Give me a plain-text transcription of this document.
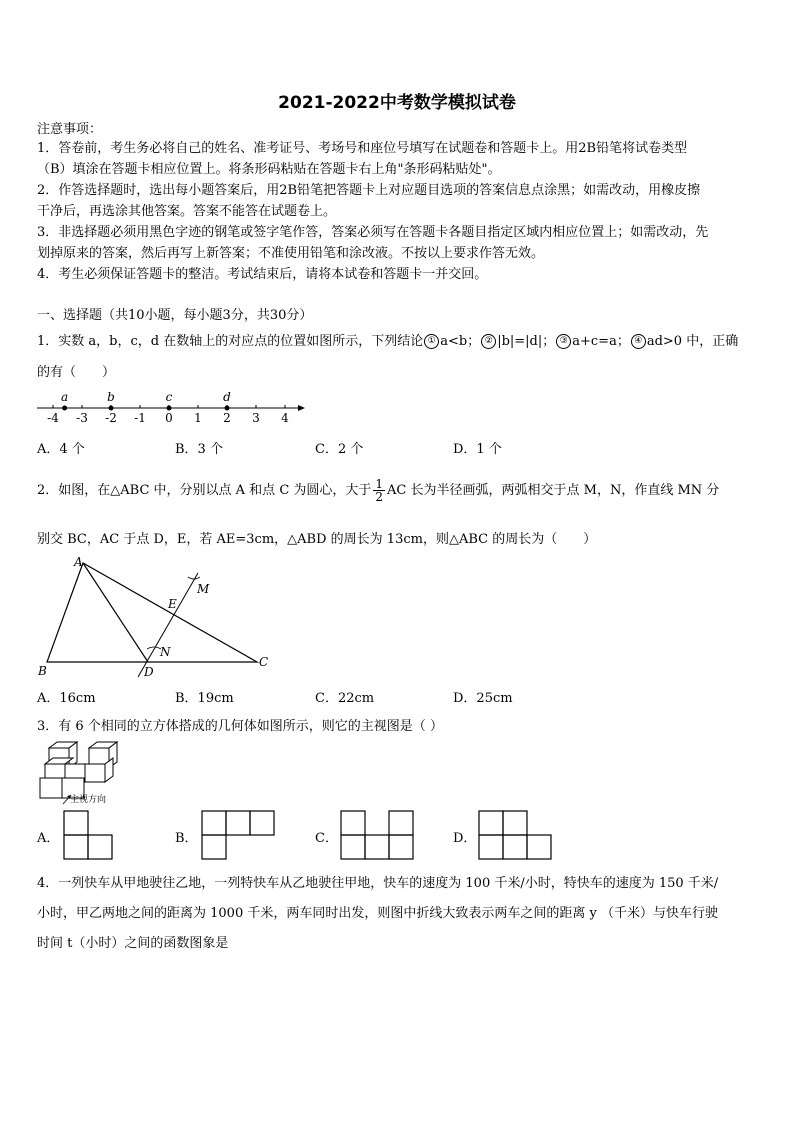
2021-2022中考数学模拟试卷
注意事项：
1．答卷前，考生务必将自己的姓名、准考证号、考场号和座位号填写在试题卷和答题卡上。用2B铅笔将试卷类型
（B）填涂在答题卡相应位置上。将条形码粘贴在答题卡右上角"条形码粘贴处"。
2．作答选择题时，选出每小题答案后，用2B铅笔把答题卡上对应题目选项的答案信息点涂黑；如需改动，用橡皮擦
干净后，再选涂其他答案。答案不能答在试题卷上。
3．非选择题必须用黑色字迹的钢笔或签字笔作答，答案必须写在答题卡各题目指定区域内相应位置上；如需改动，先
划掉原来的答案，然后再写上新答案；不准使用铅笔和涂改液。不按以上要求作答无效。
4．考生必须保证答题卡的整洁。考试结束后，请将本试卷和答题卡一并交回。
一、选择题（共10小题，每小题3分，共30分）
1．实数 a，b，c，d 在数轴上的对应点的位置如图所示，下列结论 ① a<b； ② |b|=|d|； ③ a+c=a； ④ ad>0 中，正确
的有（　　）
-4 -3 -2 -1 0 1 2 3 4
a	b	c	d
A．4 个	B．3 个	C．2 个	D．1 个
2．如图，在△ABC 中，分别以点 A 和点 C 为圆心，大于 $\frac{1}{2}$ AC 长为半径画弧，两弧相交于点 M，N，作直线 MN 分
别交 BC，AC 于点 D，E，若 AE=3cm，△ABD 的周长为 13cm，则△ABC 的周长为（　　）
A
B
C
D
E
M
N
A．16cm	B．19cm	C．22cm	D．25cm
3．有 6 个相同的立方体搭成的几何体如图所示，则它的主视图是（ ）
主视方向
A．	B．	C．	D．
4．一列快车从甲地驶往乙地，一列特快车从乙地驶往甲地，快车的速度为 100 千米/小时，特快车的速度为 150 千米/
小时，甲乙两地之间的距离为 1000 千米，两车同时出发，则图中折线大致表示两车之间的距离 y （千米）与快车行驶
时间 t（小时）之间的函数图象是
